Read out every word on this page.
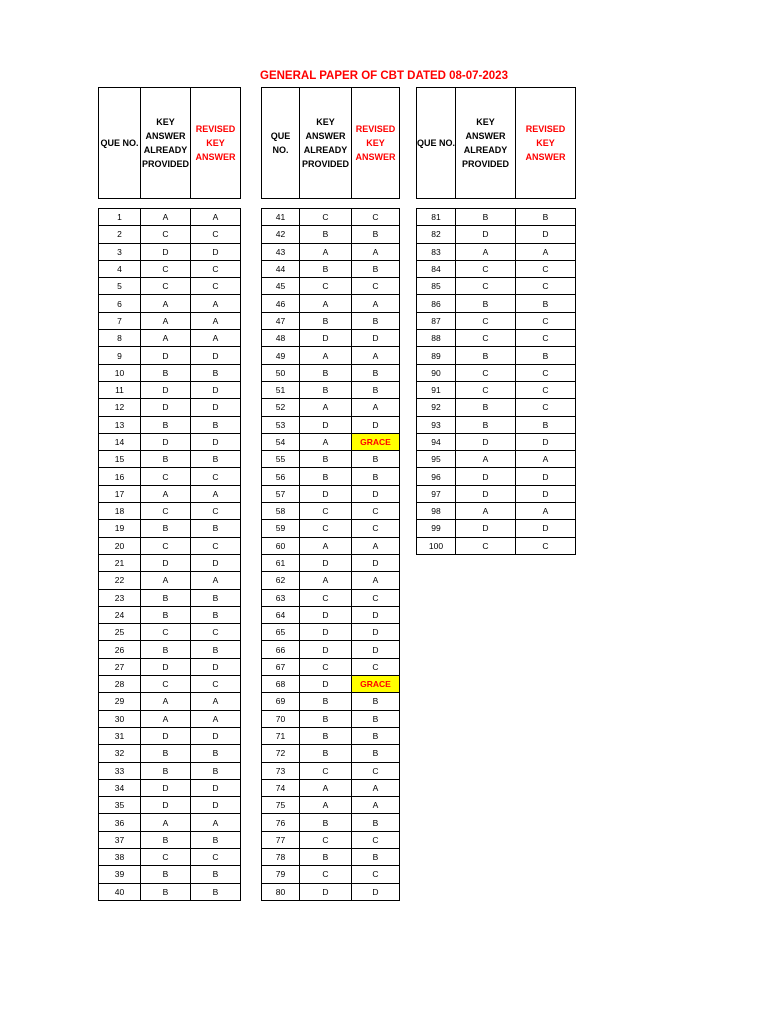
GENERAL PAPER OF CBT DATED 08-07-2023
QUE NO.	KEY ANSWER ALREADY PROVIDED	REVISED KEY ANSWER

1	A	A
2	C	C
3	D	D
4	C	C
5	C	C
6	A	A
7	A	A
8	A	A
9	D	D
10	B	B
11	D	D
12	D	D
13	B	B
14	D	D
15	B	B
16	C	C
17	A	A
18	C	C
19	B	B
20	C	C
21	D	D
22	A	A
23	B	B
24	B	B
25	C	C
26	B	B
27	D	D
28	C	C
29	A	A
30	A	A
31	D	D
32	B	B
33	B	B
34	D	D
35	D	D
36	A	A
37	B	B
38	C	C
39	B	B
40	B	B
QUE NO.	KEY ANSWER ALREADY PROVIDED	REVISED KEY ANSWER

41	C	C
42	B	B
43	A	A
44	B	B
45	C	C
46	A	A
47	B	B
48	D	D
49	A	A
50	B	B
51	B	B
52	A	A
53	D	D
54	A	GRACE
55	B	B
56	B	B
57	D	D
58	C	C
59	C	C
60	A	A
61	D	D
62	A	A
63	C	C
64	D	D
65	D	D
66	D	D
67	C	C
68	D	GRACE
69	B	B
70	B	B
71	B	B
72	B	B
73	C	C
74	A	A
75	A	A
76	B	B
77	C	C
78	B	B
79	C	C
80	D	D
QUE NO.	KEY ANSWER ALREADY PROVIDED	REVISED KEY ANSWER

81	B	B
82	D	D
83	A	A
84	C	C
85	C	C
86	B	B
87	C	C
88	C	C
89	B	B
90	C	C
91	C	C
92	B	C
93	B	B
94	D	D
95	A	A
96	D	D
97	D	D
98	A	A
99	D	D
100	C	C
